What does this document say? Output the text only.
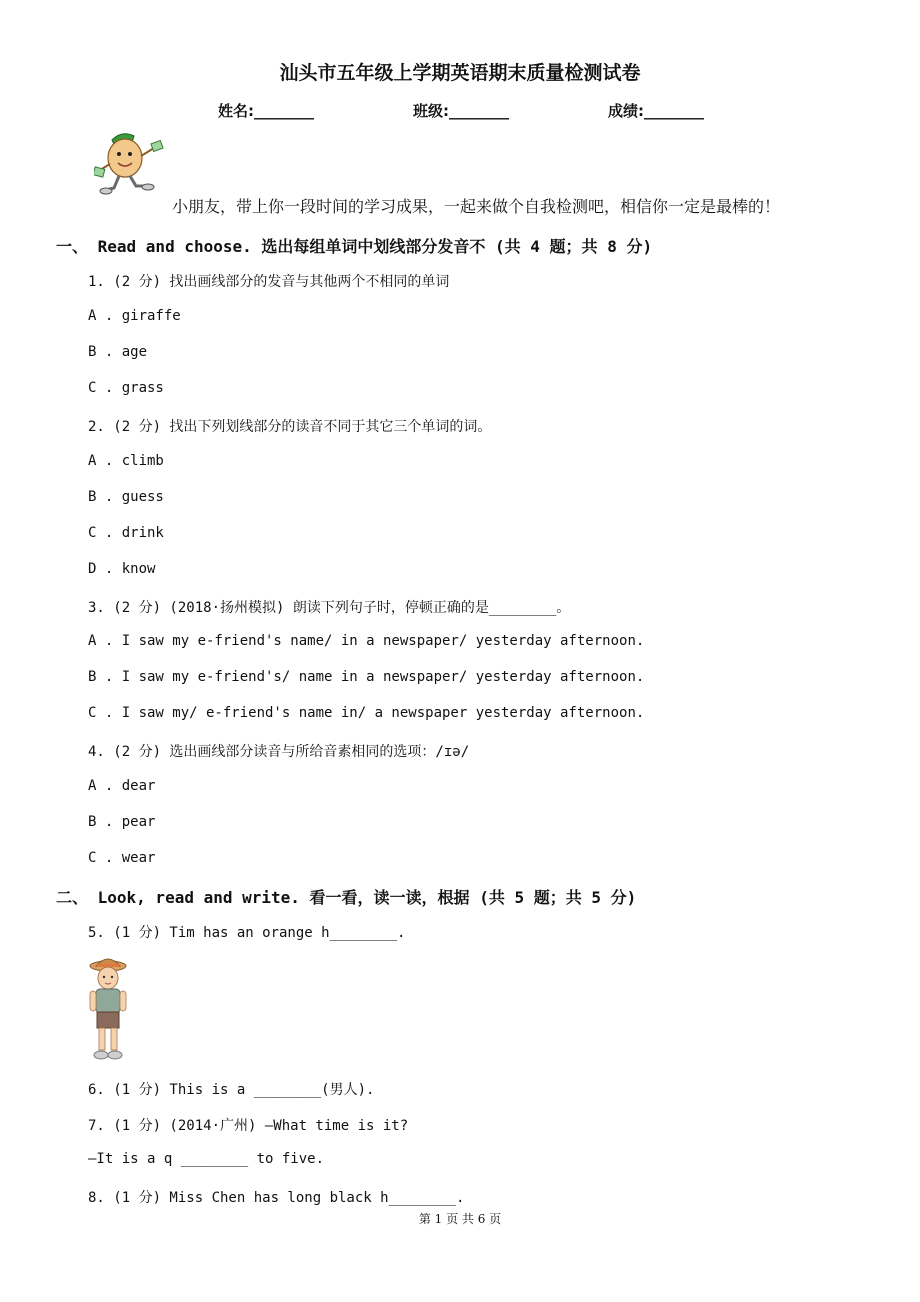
汕头市五年级上学期英语期末质量检测试卷
姓名:________	班级:________	成绩:________
小朋友，带上你一段时间的学习成果，一起来做个自我检测吧，相信你一定是最棒的！
一、 Read and choose. 选出每组单词中划线部分发音不 (共 4 题；共 8 分)
1. (2 分) 找出画线部分的发音与其他两个不相同的单词
A . giraffe
B . age
C . grass
2. (2 分) 找出下列划线部分的读音不同于其它三个单词的词。
A . climb
B . guess
C . drink
D . know
3. (2 分) (2018·扬州模拟) 朗读下列句子时，停顿正确的是________。
A . I saw my e-friend's name/ in a newspaper/ yesterday afternoon.
B . I saw my e-friend's/ name in a newspaper/ yesterday afternoon.
C . I saw my/ e-friend's name in/ a newspaper yesterday afternoon.
4. (2 分) 选出画线部分读音与所给音素相同的选项：/ɪə/
A . dear
B . pear
C . wear
二、 Look, read and write. 看一看，读一读，根据 (共 5 题；共 5 分)
5. (1 分) Tim has an orange h________.
6. (1 分) This is a ________(男人).
7. (1 分) (2014·广州) —What time is it?
—It is a q ________ to five.
8. (1 分) Miss Chen has long black h________.
第 1 页 共 6 页
